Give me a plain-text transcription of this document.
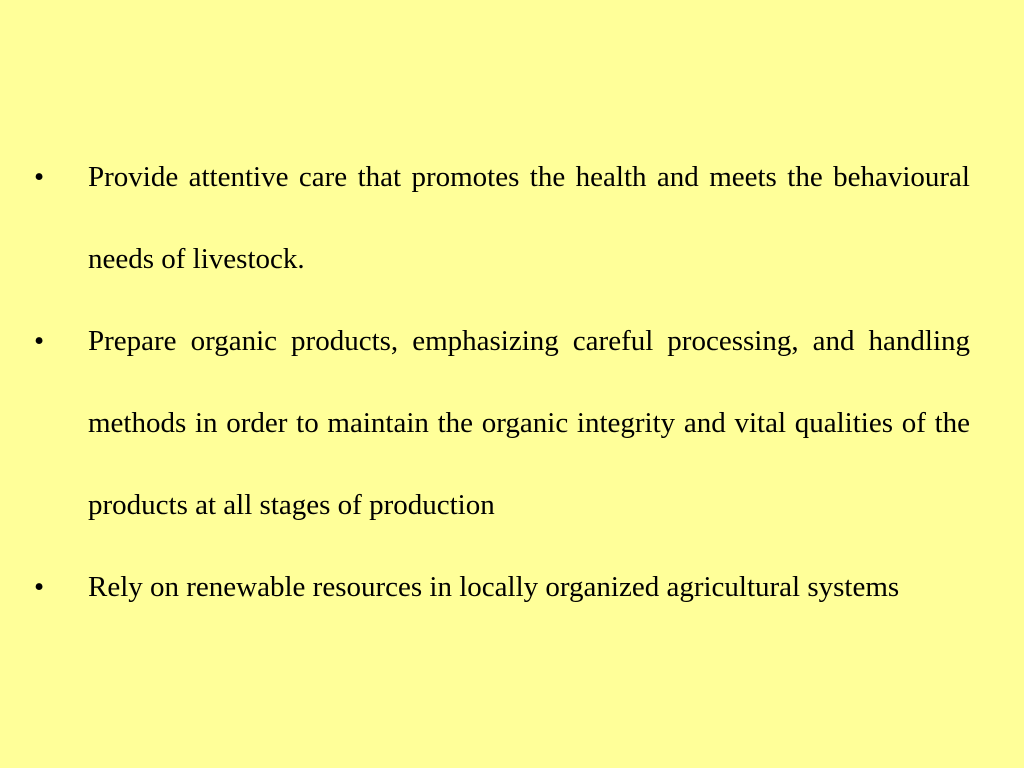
•	Provide attentive care that promotes the health and meets the behavioural needs of livestock.
•	Prepare organic products, emphasizing careful processing, and handling methods in order to maintain the organic integrity and vital qualities of the products at all stages of production
•	Rely on renewable resources in locally organized agricultural systems
